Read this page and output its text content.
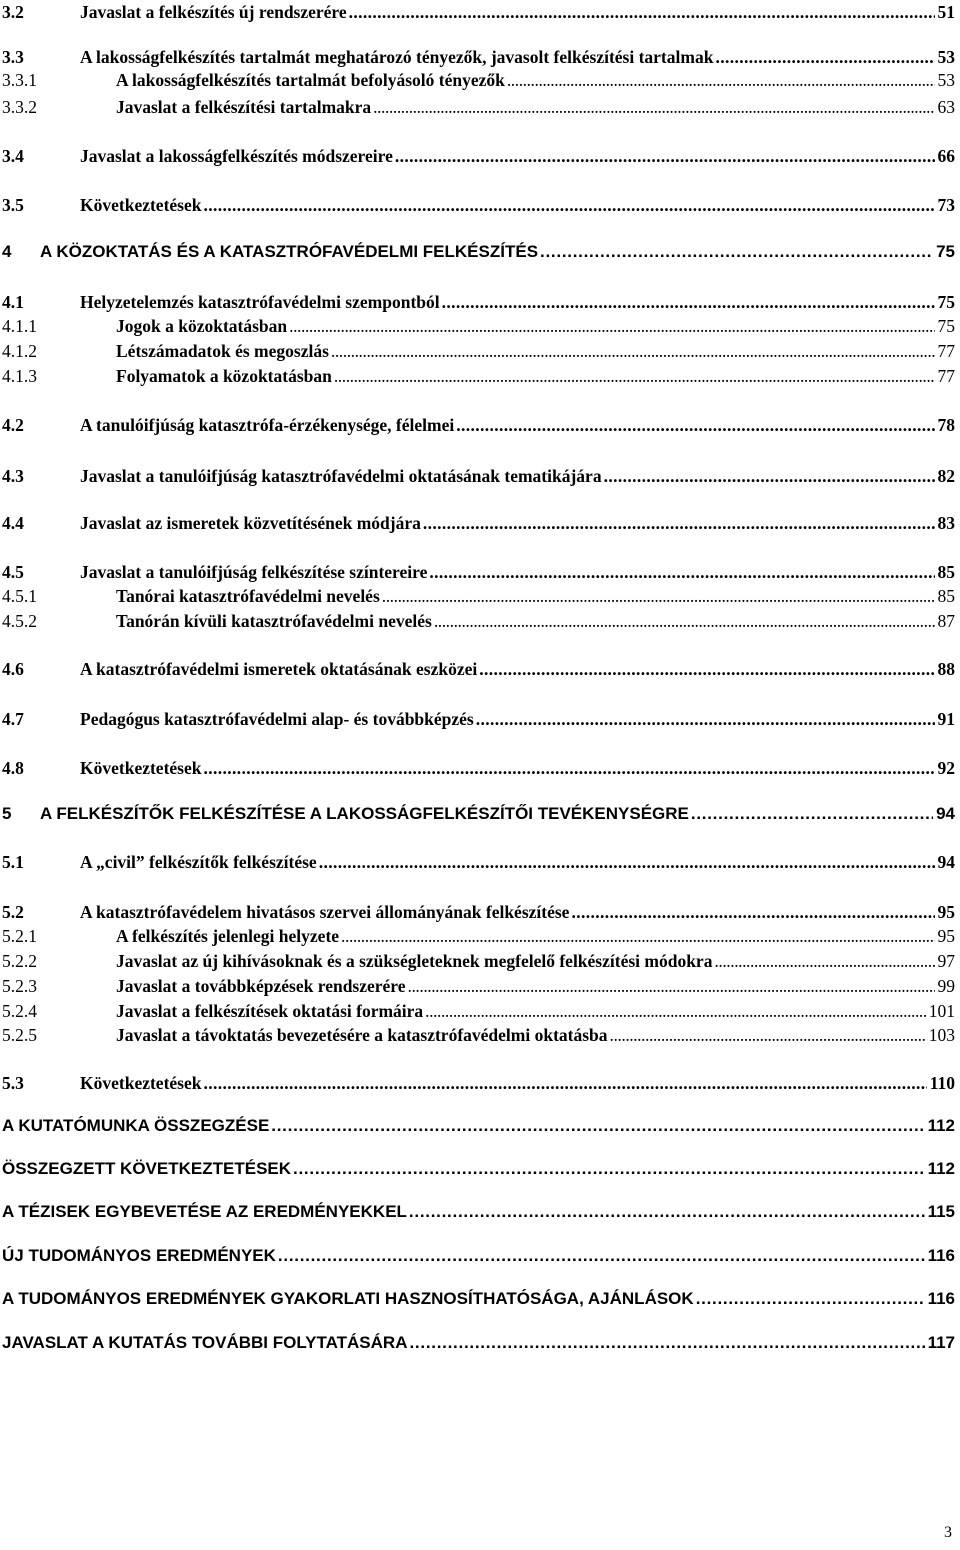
3.2	Javaslat a felkészítés új rendszerére . . .	51
3.3	A lakosságfelkészítés tartalmát meghatározó tényezők, javasolt felkészítési tartalmak . . .	53
3.3.1	A lakosságfelkészítés tartalmát befolyásoló tényezők . . .	53
3.3.2	Javaslat a felkészítési tartalmakra . . .	63
3.4	Javaslat a lakosságfelkészítés módszereire . . .	66
3.5	Következtetések . . .	73
4	A KÖZOKTATÁS ÉS A KATASZTRÓFAVÉDELMI FELKÉSZÍTÉS . . .	75
4.1	Helyzetelemzés katasztrófavédelmi szempontból . . .	75
4.1.1	Jogok a közoktatásban . . .	75
4.1.2	Létszámadatok és megoszlás . . .	77
4.1.3	Folyamatok a közoktatásban . . .	77
4.2	A tanulóifjúság katasztrófa-érzékenysége, félelmei . . .	78
4.3	Javaslat a tanulóifjúság katasztrófavédelmi oktatásának tematikájára . . .	82
4.4	Javaslat az ismeretek közvetítésének módjára . . .	83
4.5	Javaslat a tanulóifjúság felkészítése színtereire . . .	85
4.5.1	Tanórai katasztrófavédelmi nevelés . . .	85
4.5.2	Tanórán kívüli katasztrófavédelmi nevelés . . .	87
4.6	A katasztrófavédelmi ismeretek oktatásának eszközei . . .	88
4.7	Pedagógus katasztrófavédelmi alap- és továbbképzés . . .	91
4.8	Következtetések . . .	92
5	A FELKÉSZÍTŐK FELKÉSZÍTÉSE A LAKOSSÁGFELKÉSZÍTŐI TEVÉKENYSÉGRE . . .	94
5.1	A „civil” felkészítők felkészítése . . .	94
5.2	A katasztrófavédelem hivatásos szervei állományának felkészítése . . .	95
5.2.1	A felkészítés jelenlegi helyzete . . .	95
5.2.2	Javaslat az új kihívásoknak és a szükségleteknek megfelelő felkészítési módokra . . .	97
5.2.3	Javaslat a továbbképzések rendszerére . . .	99
5.2.4	Javaslat a felkészítések oktatási formáira . . .	101
5.2.5	Javaslat a távoktatás bevezetésére a katasztrófavédelmi oktatásba . . .	103
5.3	Következtetések . . .	110
A KUTATÓMUNKA ÖSSZEGZÉSE . . .	112
ÖSSZEGZETT KÖVETKEZTETÉSEK . . .	112
A TÉZISEK EGYBEVETÉSE AZ EREDMÉNYEKKEL . . .	115
ÚJ TUDOMÁNYOS EREDMÉNYEK . . .	116
A TUDOMÁNYOS EREDMÉNYEK GYAKORLATI HASZNOSÍTHATÓSÁGA, AJÁNLÁSOK . . .	116
JAVASLAT A KUTATÁS TOVÁBBI FOLYTATÁSÁRA . . .	117
3
